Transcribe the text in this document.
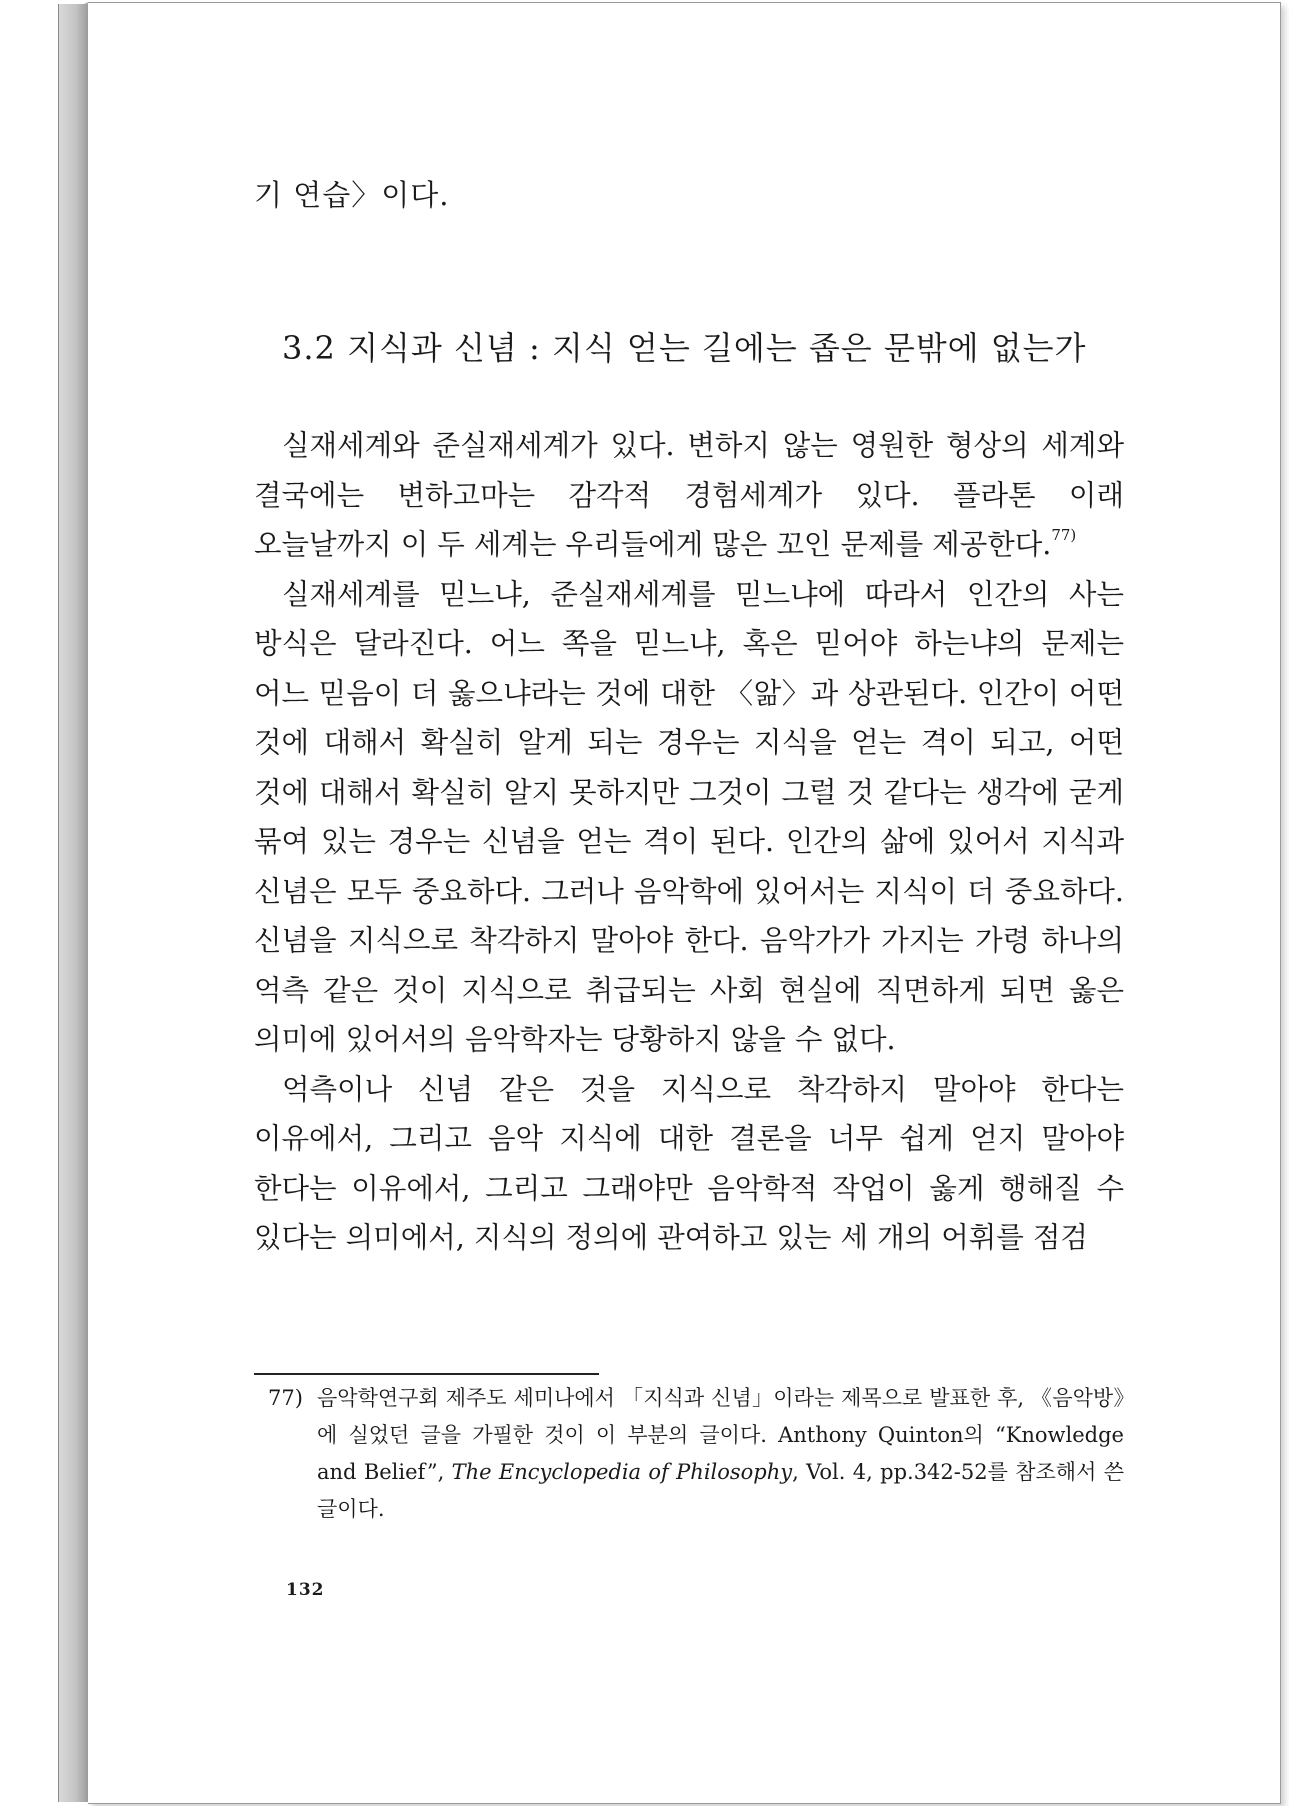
기 연습〉이다.
3.2 지식과 신념 : 지식 얻는 길에는 좁은 문밖에 없는가

실재세계와 준실재세계가 있다. 변하지 않는 영원한 형상의 세계와 결국에는 변하고마는 감각적 경험세계가 있다. 플라톤 이래 오늘날까지 이 두 세계는 우리들에게 많은 꼬인 문제를 제공한다.$^{77)}$

실재세계를 믿느냐, 준실재세계를 믿느냐에 따라서 인간의 사는 방식은 달라진다. 어느 쪽을 믿느냐, 혹은 믿어야 하는냐의 문제는 어느 믿음이 더 옳으냐라는 것에 대한 〈앎〉과 상관된다. 인간이 어떤 것에 대해서 확실히 알게 되는 경우는 지식을 얻는 격이 되고, 어떤 것에 대해서 확실히 알지 못하지만 그것이 그럴 것 같다는 생각에 굳게 묶여 있는 경우는 신념을 얻는 격이 된다. 인간의 삶에 있어서 지식과 신념은 모두 중요하다. 그러나 음악학에 있어서는 지식이 더 중요하다. 신념을 지식으로 착각하지 말아야 한다. 음악가가 가지는 가령 하나의 억측 같은 것이 지식으로 취급되는 사회 현실에 직면하게 되면 옳은 의미에 있어서의 음악학자는 당황하지 않을 수 없다.

억측이나 신념 같은 것을 지식으로 착각하지 말아야 한다는 이유에서, 그리고 음악 지식에 대한 결론을 너무 쉽게 얻지 말아야 한다는 이유에서, 그리고 그래야만 음악학적 작업이 옳게 행해질 수 있다는 의미에서, 지식의 정의에 관여하고 있는 세 개의 어휘를 점검

77) 음악학연구회 제주도 세미나에서 「지식과 신념」이라는 제목으로 발표한 후, 《음악방》에 실었던 글을 가필한 것이 이 부분의 글이다. Anthony Quinton의 “Knowledge and Belief”, The Encyclopedia of Philosophy, Vol. 4, pp.342-52를 참조해서 쓴 글이다.
132
